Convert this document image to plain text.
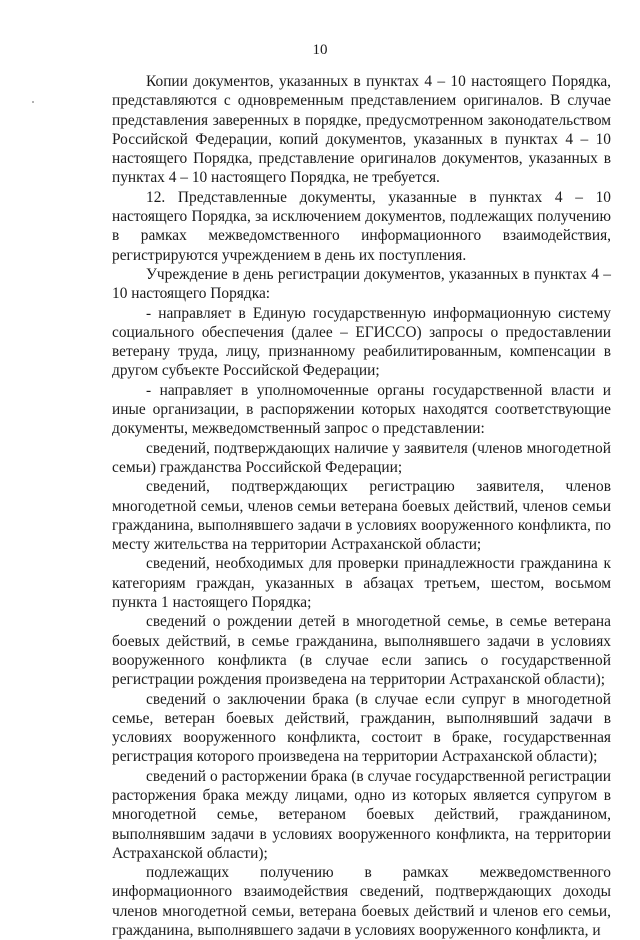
10

Копии документов, указанных в пунктах 4 – 10 настоящего Порядка, представляются с одновременным представлением оригиналов. В случае представления заверенных в порядке, предусмотренном законодательством Российской Федерации, копий документов, указанных в пунктах 4 – 10 настоящего Порядка, представление оригиналов документов, указанных в пунктах 4 – 10 настоящего Порядка, не требуется.

12. Представленные документы, указанные в пунктах 4 – 10 настоящего Порядка, за исключением документов, подлежащих получению в рамках межведомственного информационного взаимодействия, регистрируются учреждением в день их поступления.

Учреждение в день регистрации документов, указанных в пунктах 4 – 10 настоящего Порядка:

- направляет в Единую государственную информационную систему социального обеспечения (далее – ЕГИССО) запросы о предоставлении ветерану труда, лицу, признанному реабилитированным, компенсации в другом субъекте Российской Федерации;

- направляет в уполномоченные органы государственной власти и иные организации, в распоряжении которых находятся соответствующие документы, межведомственный запрос о представлении:

сведений, подтверждающих наличие у заявителя (членов многодетной семьи) гражданства Российской Федерации;

сведений, подтверждающих регистрацию заявителя, членов многодетной семьи, членов семьи ветерана боевых действий, членов семьи гражданина, выполнявшего задачи в условиях вооруженного конфликта, по месту жительства на территории Астраханской области;

сведений, необходимых для проверки принадлежности гражданина к категориям граждан, указанных в абзацах третьем, шестом, восьмом пункта 1 настоящего Порядка;

сведений о рождении детей в многодетной семье, в семье ветерана боевых действий, в семье гражданина, выполнявшего задачи в условиях вооруженного конфликта (в случае если запись о государственной регистрации рождения произведена на территории Астраханской области);

сведений о заключении брака (в случае если супруг в многодетной семье, ветеран боевых действий, гражданин, выполнявший задачи в условиях вооруженного конфликта, состоит в браке, государственная регистрация которого произведена на территории Астраханской области);

сведений о расторжении брака (в случае государственной регистрации расторжения брака между лицами, одно из которых является супругом в многодетной семье, ветераном боевых действий, гражданином, выполнявшим задачи в условиях вооруженного конфликта, на территории Астраханской области);

подлежащих получению в рамках межведомственного информационного взаимодействия сведений, подтверждающих доходы членов многодетной семьи, ветерана боевых действий и членов его семьи, гражданина, выполнявшего задачи в условиях вооруженного конфликта, и
